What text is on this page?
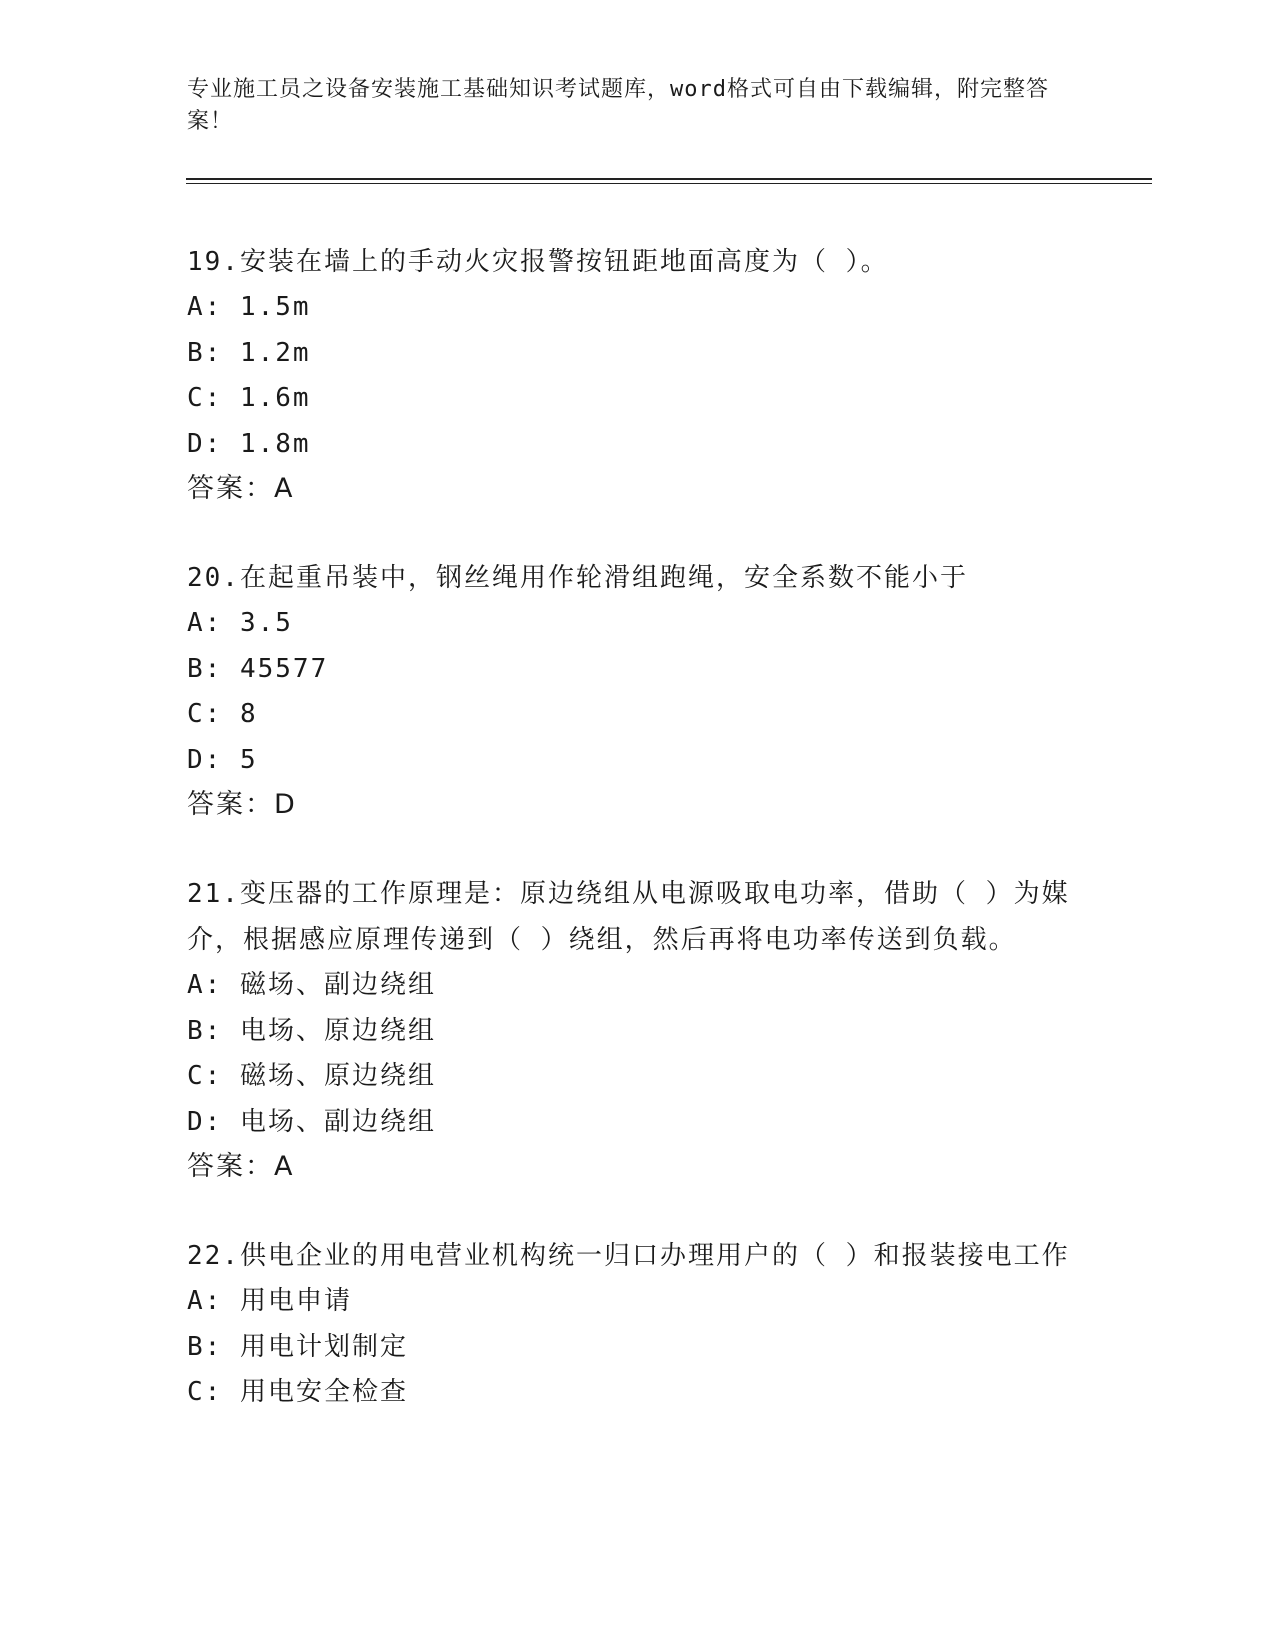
专业施工员之设备安装施工基础知识考试题库，word格式可自由下载编辑，附完整答案！
19.安装在墙上的手动火灾报警按钮距地面高度为（ ）。
A: 1.5m
B: 1.2m
C: 1.6m
D: 1.8m
答案：A
20.在起重吊装中，钢丝绳用作轮滑组跑绳，安全系数不能小于
A: 3.5
B: 45577
C: 8
D: 5
答案：D
21.变压器的工作原理是：原边绕组从电源吸取电功率，借助（ ）为媒介，根据感应原理传递到（ ）绕组，然后再将电功率传送到负载。
A: 磁场、副边绕组
B: 电场、原边绕组
C: 磁场、原边绕组
D: 电场、副边绕组
答案：A
22.供电企业的用电营业机构统一归口办理用户的（ ）和报装接电工作
A: 用电申请
B: 用电计划制定
C: 用电安全检查
